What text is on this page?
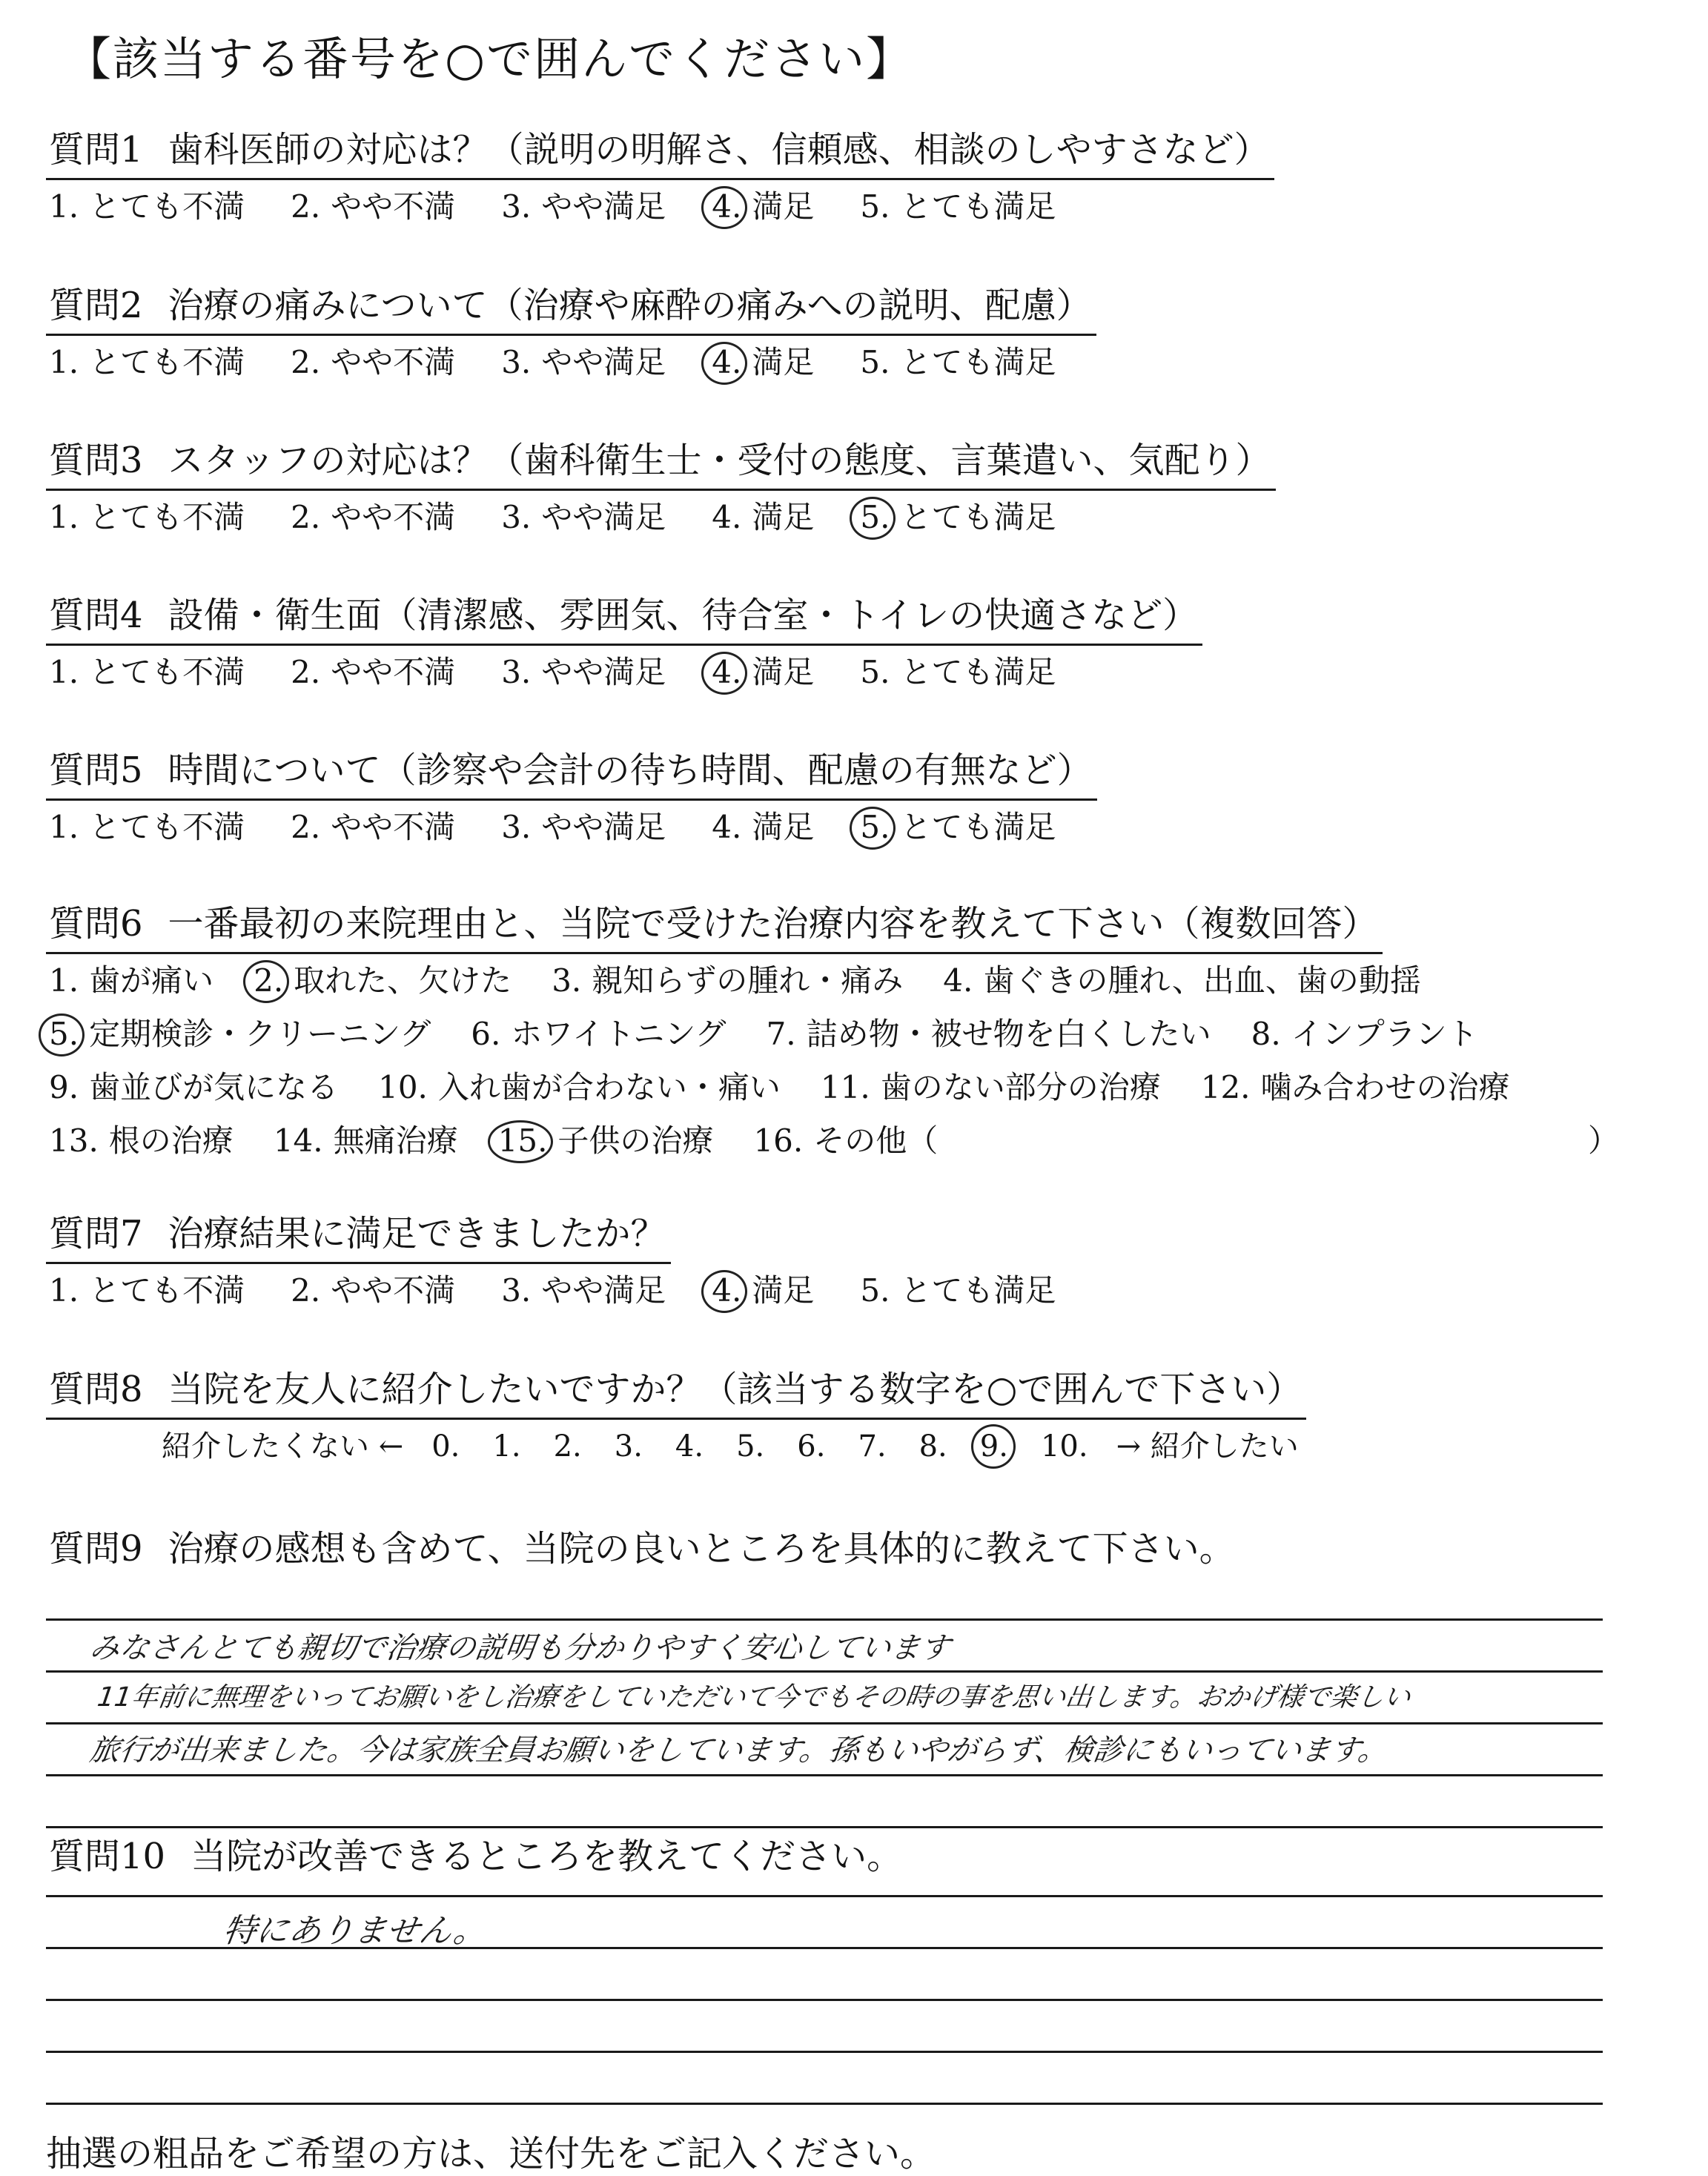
【該当する番号を○で囲んでください】
質問1 歯科医師の対応は？（説明の明解さ、信頼感、相談のしやすさなど）
1. とても不満 2. やや不満 3. やや満足 4. 満足 5. とても満足
質問2 治療の痛みについて（治療や麻酔の痛みへの説明、配慮）
1. とても不満 2. やや不満 3. やや満足 4. 満足 5. とても満足
質問3 スタッフの対応は？（歯科衛生士・受付の態度、言葉遣い、気配り）
1. とても不満 2. やや不満 3. やや満足 4. 満足 5. とても満足
質問4 設備・衛生面（清潔感、雰囲気、待合室・トイレの快適さなど）
1. とても不満 2. やや不満 3. やや満足 4. 満足 5. とても満足
質問5 時間について（診察や会計の待ち時間、配慮の有無など）
1. とても不満 2. やや不満 3. やや満足 4. 満足 5. とても満足
質問6 一番最初の来院理由と、当院で受けた治療内容を教えて下さい（複数回答）
1. 歯が痛い 2. 取れた、欠けた 3. 親知らずの腫れ・痛み 4. 歯ぐきの腫れ、出血、歯の動揺
5. 定期検診・クリーニング 6. ホワイトニング 7. 詰め物・被せ物を白くしたい 8. インプラント
9. 歯並びが気になる 10. 入れ歯が合わない・痛い 11. 歯のない部分の治療 12. 噛み合わせの治療
13. 根の治療 14. 無痛治療 15. 子供の治療 16. その他（	）
質問7 治療結果に満足できましたか？
1. とても不満 2. やや不満 3. やや満足 4. 満足 5. とても満足
質問8 当院を友人に紹介したいですか？（該当する数字を○で囲んで下さい）
紹介したくない ← 0. 1. 2. 3. 4. 5. 6. 7. 8. 9. 10. → 紹介したい
質問9 治療の感想も含めて、当院の良いところを具体的に教えて下さい。
みなさんとても親切で治療の説明も分かりやすく安心しています
11年前に無理をいってお願いをし治療をしていただいて今でもその時の事を思い出します。おかげ様で楽しい
旅行が出来ました。今は家族全員お願いをしています。孫もいやがらず、検診にもいっています。
質問10 当院が改善できるところを教えてください。
特にありません。
抽選の粗品をご希望の方は、送付先をご記入ください。
